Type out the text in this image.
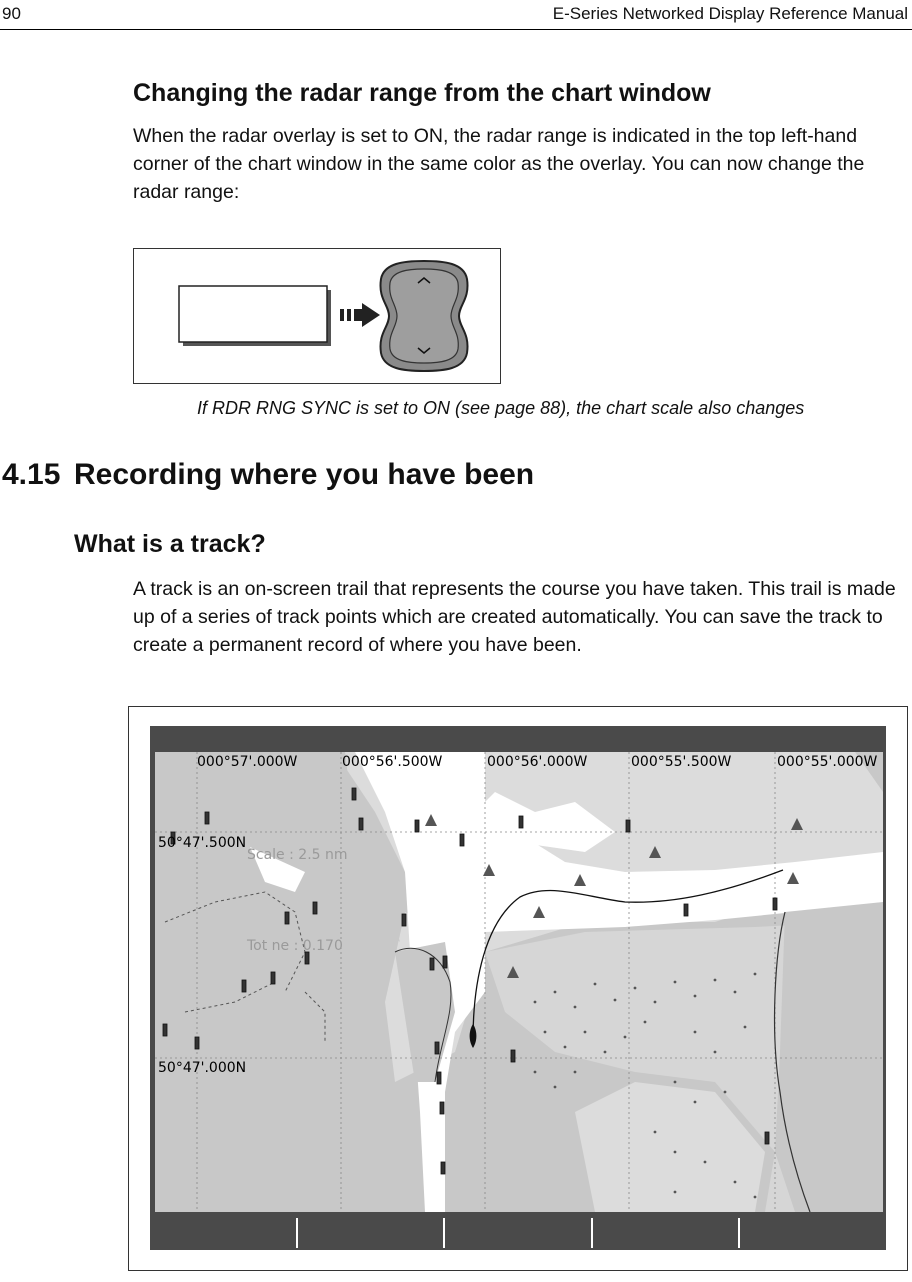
90	E-Series Networked Display Reference Manual
Changing the radar range from the chart window

When the radar overlay is set to ON, the radar range is indicated in the top left-hand corner of the chart window in the same color as the overlay. You can now change the radar range:

If RDR RNG SYNC is set to ON (see page 88), the chart scale also changes
4.15 Recording where you have been
What is a track?

A track is an on-screen trail that represents the course you have taken. This trail is made up of a series of track points which are created automatically. You can save the track to create a permanent record of where you have been.

000°57'.000W	000°56'.500W	000°56'.000W	000°55'.500W	000°55'.000W
50°47'.500N
50°47'.000N
Scale : 2.5 nm
Tot ne : 0.170
